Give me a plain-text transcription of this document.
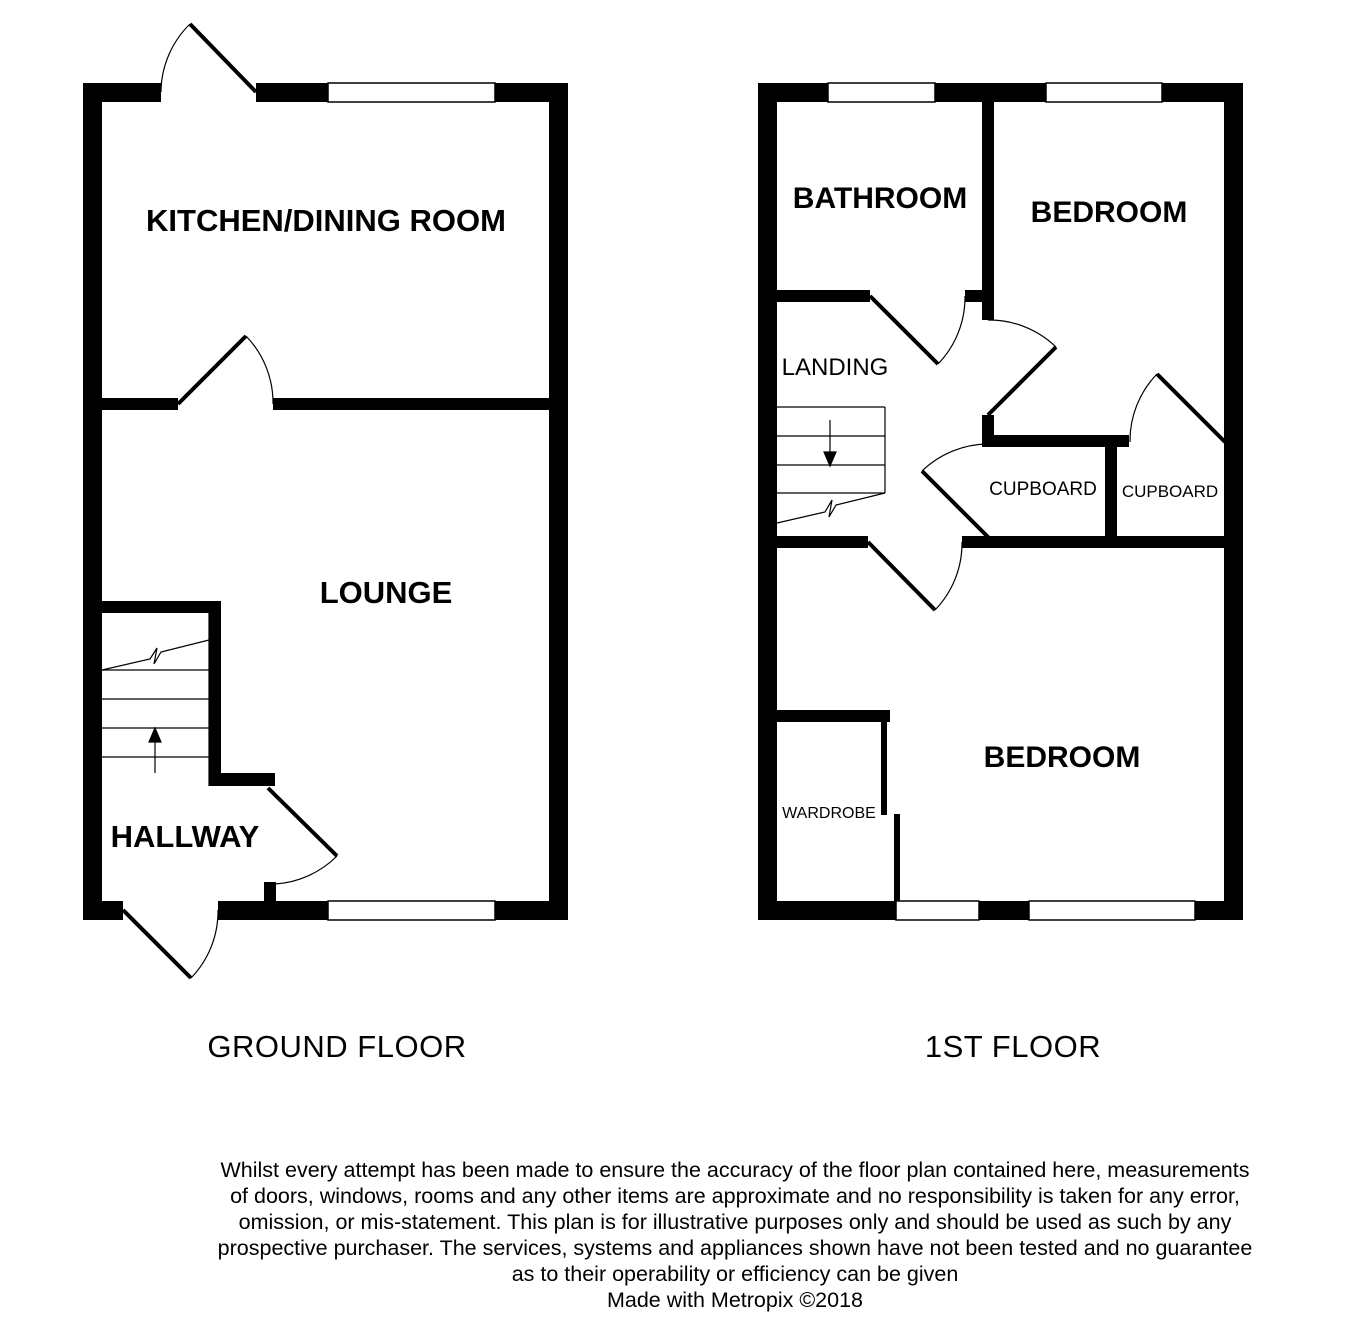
KITCHEN/DINING ROOM
LOUNGE
HALLWAY
GROUND FLOOR
BATHROOM BEDROOM
LANDING
CUPBOARD CUPBOARD
BEDROOM
WARDROBE
1ST FLOOR
Whilst every attempt has been made to ensure the accuracy of the floor plan contained here, measurements
of doors, windows, rooms and any other items are approximate and no responsibility is taken for any error,
omission, or mis-statement. This plan is for illustrative purposes only and should be used as such by any
prospective purchaser. The services, systems and appliances shown have not been tested and no guarantee
as to their operability or efficiency can be given
Made with Metropix ©2018
